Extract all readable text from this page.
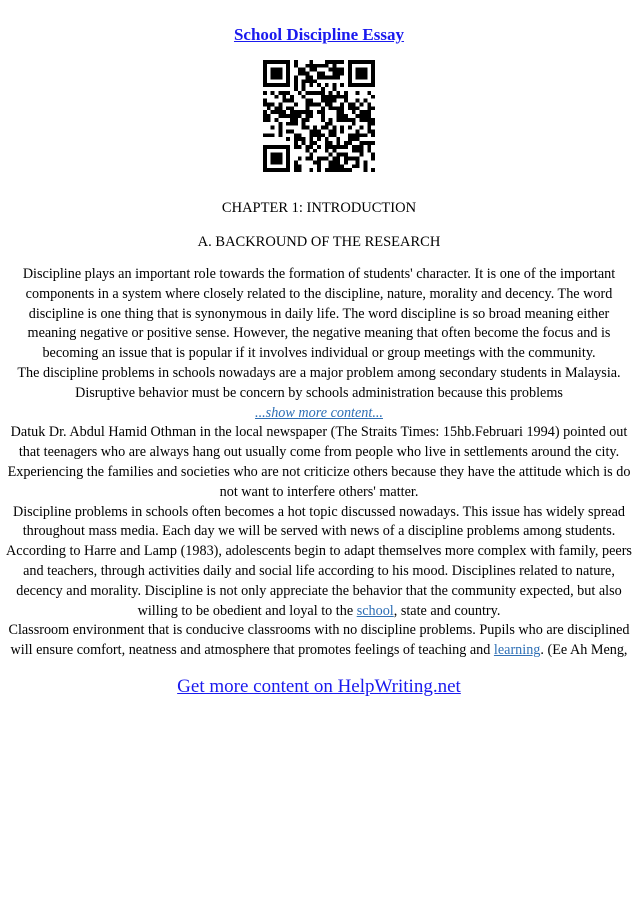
School Discipline Essay
CHAPTER 1: INTRODUCTION
A. BACKROUND OF THE RESEARCH

Discipline plays an important role towards the formation of students' character. It is one of the important components in a system where closely related to the discipline, nature, morality and decency. The word discipline is one thing that is synonymous in daily life. The word discipline is so broad meaning either meaning negative or positive sense. However, the negative meaning that often become the focus and is becoming an issue that is popular if it involves individual or group meetings with the community.

The discipline problems in schools nowadays are a major problem among secondary students in Malaysia. Disruptive behavior must be concern by schools administration because this problems

...show more content...

Datuk Dr. Abdul Hamid Othman in the local newspaper (The Straits Times: 15hb.Februari 1994) pointed out that teenagers who are always hang out usually come from people who live in settlements around the city. Experiencing the families and societies who are not criticize others because they have the attitude which is do not want to interfere others' matter.

Discipline problems in schools often becomes a hot topic discussed nowadays. This issue has widely spread throughout mass media. Each day we will be served with news of a discipline problems among students.

According to Harre and Lamp (1983), adolescents begin to adapt themselves more complex with family, peers and teachers, through activities daily and social life according to his mood. Disciplines related to nature, decency and morality. Discipline is not only appreciate the behavior that the community expected, but also willing to be obedient and loyal to the school, state and country.

Classroom environment that is conducive classrooms with no discipline problems. Pupils who are disciplined will ensure comfort, neatness and atmosphere that promotes feelings of teaching and learning. (Ee Ah Meng,

Get more content on HelpWriting.net
